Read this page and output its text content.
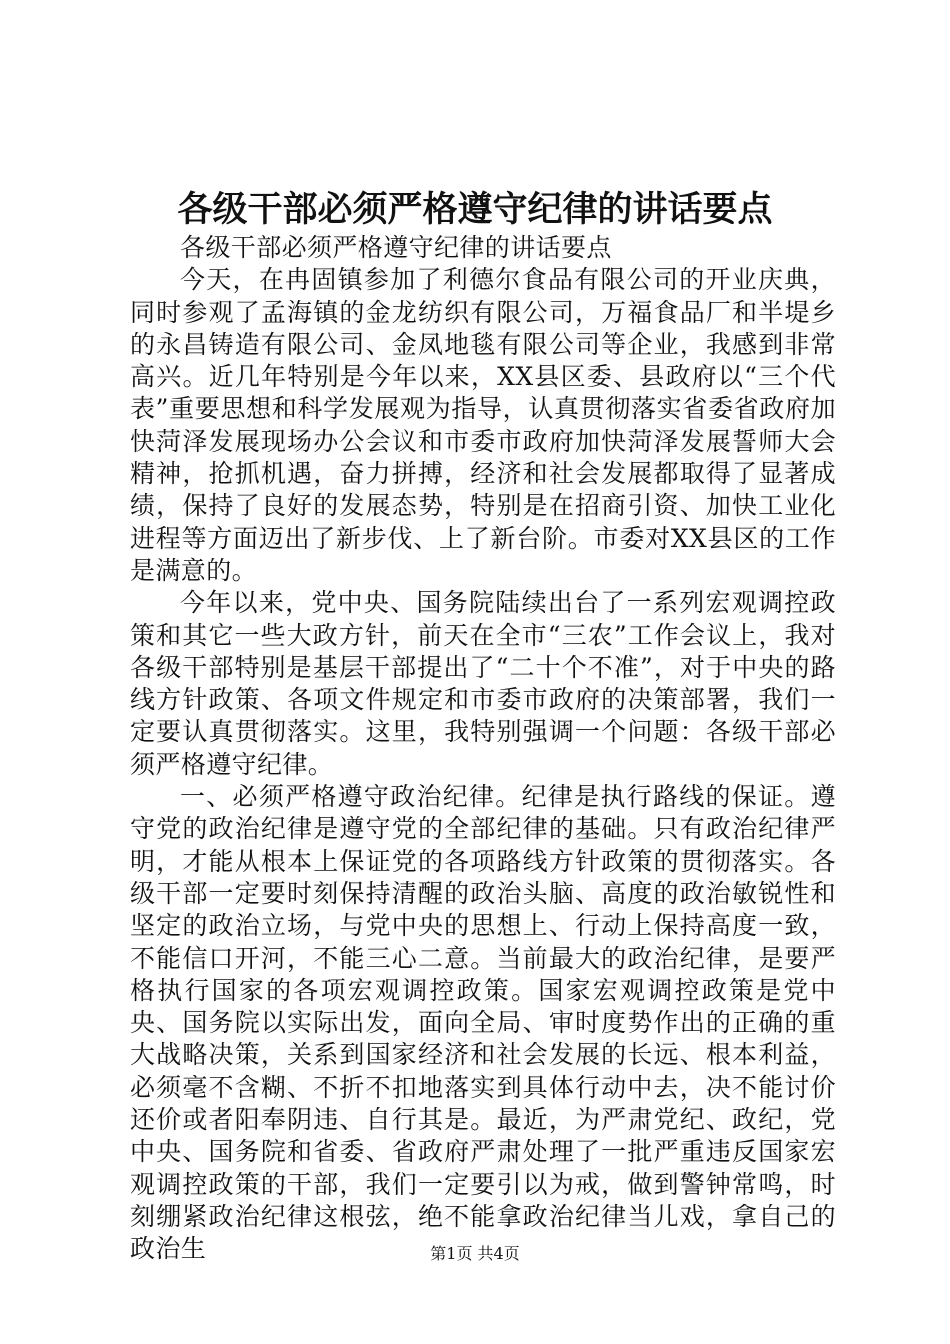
各级干部必须严格遵守纪律的讲话要点

各级干部必须严格遵守纪律的讲话要点

今天，在冉固镇参加了利德尔食品有限公司的开业庆典，同时参观了孟海镇的金龙纺织有限公司，万福食品厂和半堤乡的永昌铸造有限公司、金凤地毯有限公司等企业，我感到非常高兴。近几年特别是今年以来，XX县区委、县政府以“三个代表”重要思想和科学发展观为指导，认真贯彻落实省委省政府加快菏泽发展现场办公会议和市委市政府加快菏泽发展誓师大会精神，抢抓机遇，奋力拼搏，经济和社会发展都取得了显著成绩，保持了良好的发展态势，特别是在招商引资、加快工业化进程等方面迈出了新步伐、上了新台阶。市委对XX县区的工作是满意的。

今年以来，党中央、国务院陆续出台了一系列宏观调控政策和其它一些大政方针，前天在全市“三农”工作会议上，我对各级干部特别是基层干部提出了“二十个不准”，对于中央的路线方针政策、各项文件规定和市委市政府的决策部署，我们一定要认真贯彻落实。这里，我特别强调一个问题：各级干部必须严格遵守纪律。

一、必须严格遵守政治纪律。纪律是执行路线的保证。遵守党的政治纪律是遵守党的全部纪律的基础。只有政治纪律严明，才能从根本上保证党的各项路线方针政策的贯彻落实。各级干部一定要时刻保持清醒的政治头脑、高度的政治敏锐性和坚定的政治立场，与党中央的思想上、行动上保持高度一致，不能信口开河，不能三心二意。当前最大的政治纪律，是要严格执行国家的各项宏观调控政策。国家宏观调控政策是党中央、国务院以实际出发，面向全局、审时度势作出的正确的重大战略决策，关系到国家经济和社会发展的长远、根本利益，必须毫不含糊、不折不扣地落实到具体行动中去，决不能讨价还价或者阳奉阴违、自行其是。最近，为严肃党纪、政纪，党中央、国务院和省委、省政府严肃处理了一批严重违反国家宏观调控政策的干部，我们一定要引以为戒，做到警钟常鸣，时刻绷紧政治纪律这根弦，绝不能拿政治纪律当儿戏，拿自己的政治生	第1页 共4页
